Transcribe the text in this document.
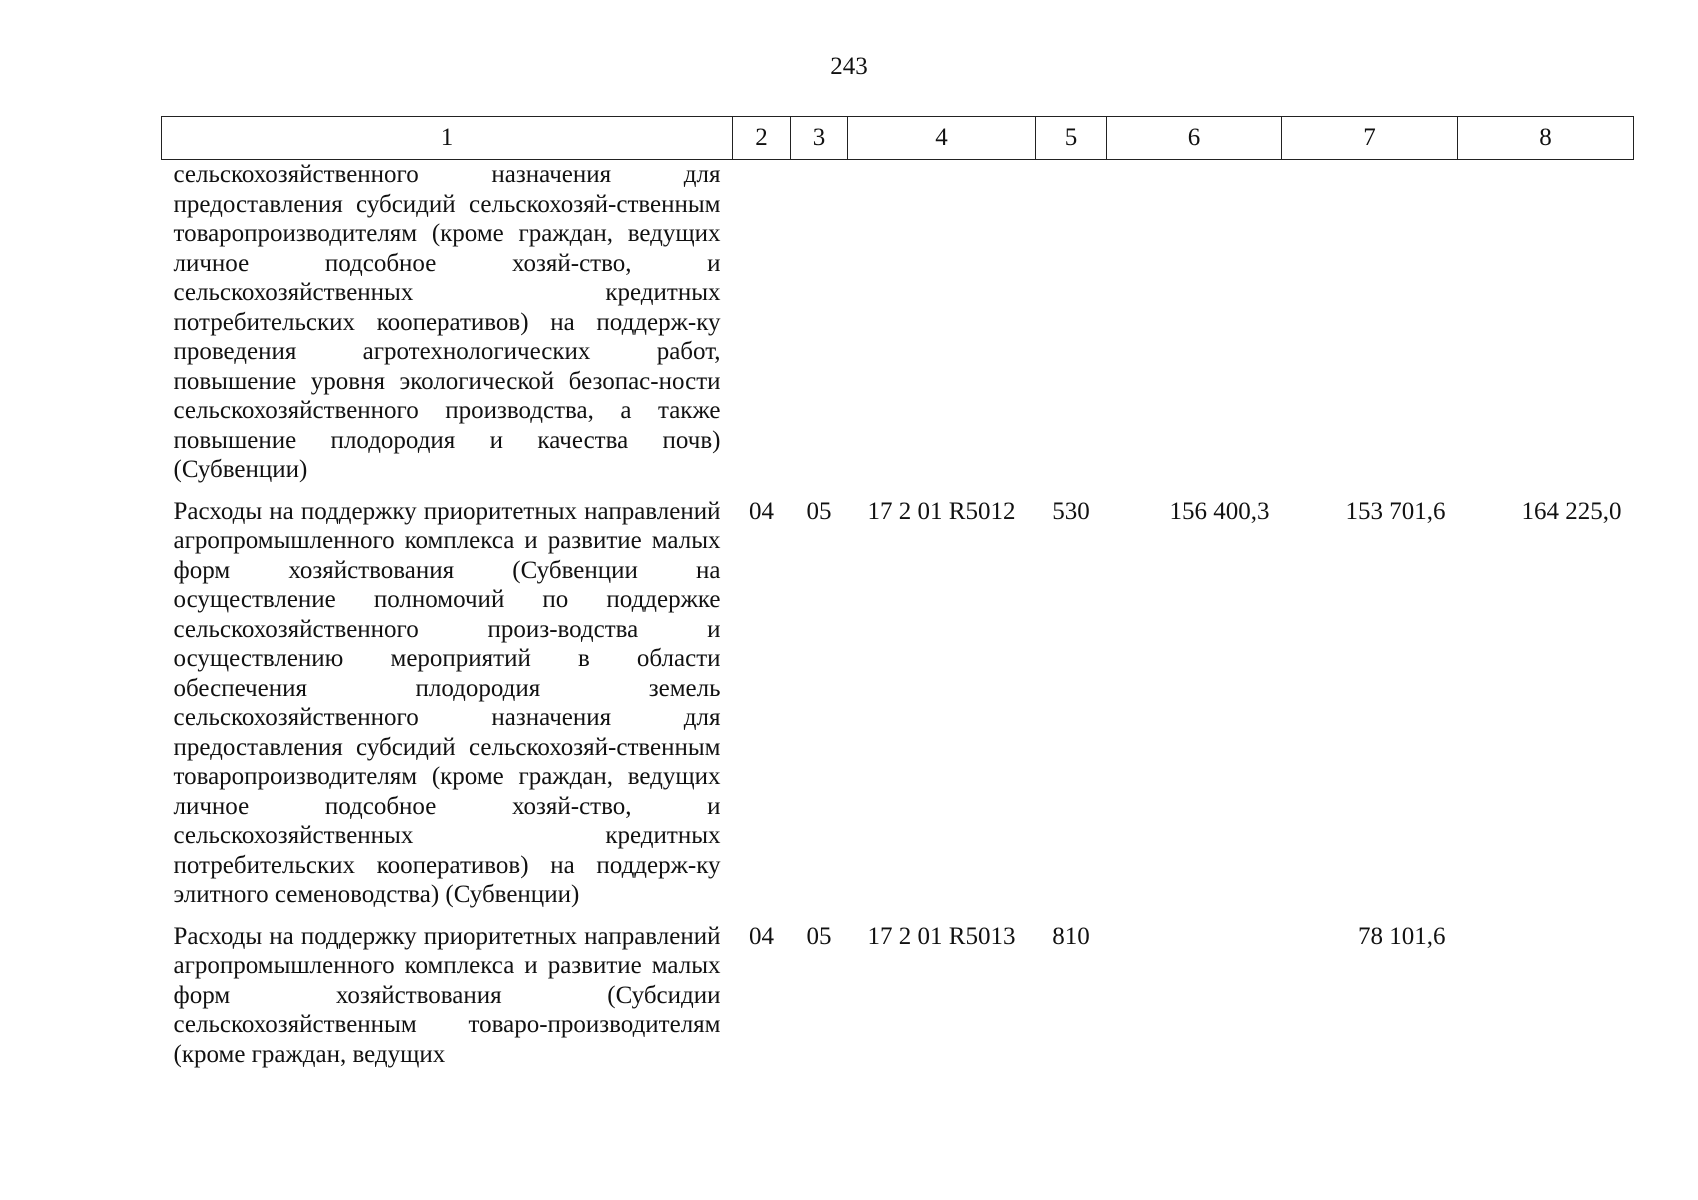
243
1	2	3	4	5	6	7	8
сельскохозяйственного назначения для предоставления субсидий сельскохозяй-ственным товаропроизводителям (кроме граждан, ведущих личное подсобное хозяй-ство, и сельскохозяйственных кредитных потребительских кооперативов) на поддерж-ку проведения агротехнологических работ, повышение уровня экологической безопас-ности сельскохозяйственного производства, а также повышение плодородия и качества почв) (Субвенции)							
Расходы на поддержку приоритетных направлений агропромышленного комплекса и развитие малых форм хозяйствования (Субвенции на осуществление полномочий по поддержке сельскохозяйственного произ-водства и осуществлению мероприятий в области обеспечения плодородия земель сельскохозяйственного назначения для предоставления субсидий сельскохозяй-ственным товаропроизводителям (кроме граждан, ведущих личное подсобное хозяй-ство, и сельскохозяйственных кредитных потребительских кооперативов) на поддерж-ку элитного семеноводства) (Субвенции)	04	05	17 2 01 R5012	530	156 400,3	153 701,6	164 225,0
Расходы на поддержку приоритетных направлений агропромышленного комплекса и развитие малых форм хозяйствования (Субсидии сельскохозяйственным товаро-производителям (кроме граждан, ведущих	04	05	17 2 01 R5013	810		78 101,6	
